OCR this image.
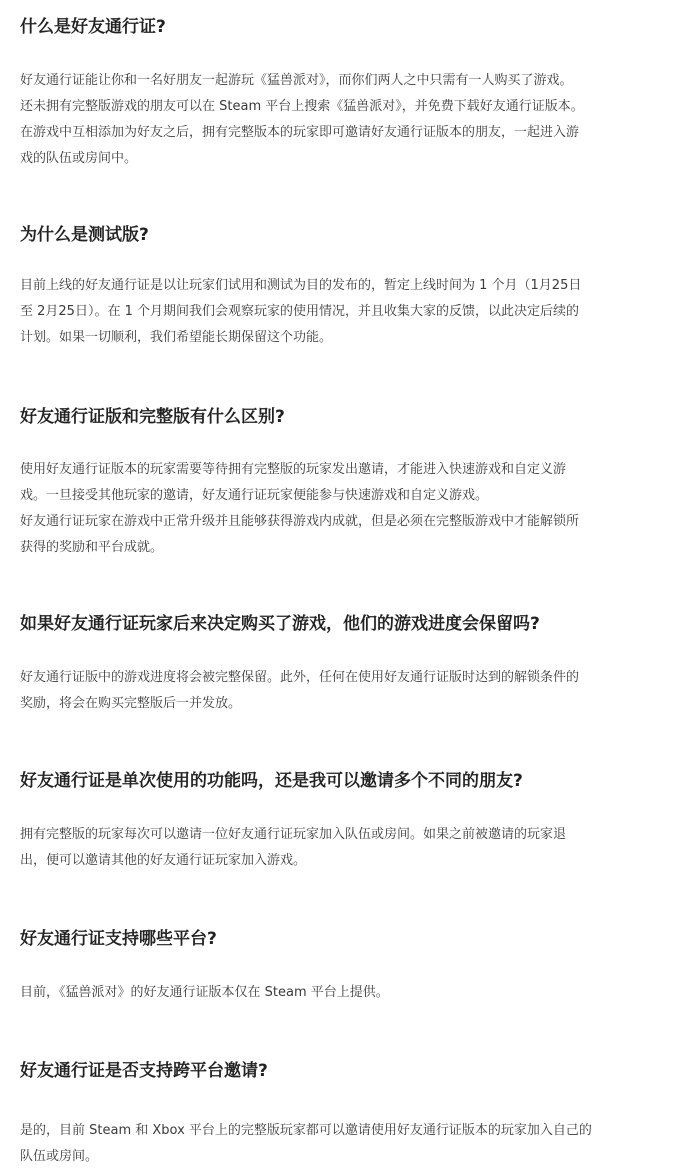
什么是好友通行证?

好友通行证能让你和一名好朋友一起游玩《猛兽派对》，而你们两人之中只需有一人购买了游戏。
还未拥有完整版游戏的朋友可以在 Steam 平台上搜索《猛兽派对》，并免费下载好友通行证版本。
在游戏中互相添加为好友之后，拥有完整版本的玩家即可邀请好友通行证版本的朋友，一起进入游
戏的队伍或房间中。

为什么是测试版?

目前上线的好友通行证是以让玩家们试用和测试为目的发布的，暂定上线时间为 1 个月（1月25日
至 2月25日）。在 1 个月期间我们会观察玩家的使用情况，并且收集大家的反馈，以此决定后续的
计划。如果一切顺利，我们希望能长期保留这个功能。

好友通行证版和完整版有什么区别?

使用好友通行证版本的玩家需要等待拥有完整版的玩家发出邀请，才能进入快速游戏和自定义游
戏。一旦接受其他玩家的邀请，好友通行证玩家便能参与快速游戏和自定义游戏。
好友通行证玩家在游戏中正常升级并且能够获得游戏内成就，但是必须在完整版游戏中才能解锁所
获得的奖励和平台成就。

如果好友通行证玩家后来决定购买了游戏，他们的游戏进度会保留吗?

好友通行证版中的游戏进度将会被完整保留。此外，任何在使用好友通行证版时达到的解锁条件的
奖励，将会在购买完整版后一并发放。

好友通行证是单次使用的功能吗，还是我可以邀请多个不同的朋友?

拥有完整版的玩家每次可以邀请一位好友通行证玩家加入队伍或房间。如果之前被邀请的玩家退
出，便可以邀请其他的好友通行证玩家加入游戏。

好友通行证支持哪些平台?

目前，《猛兽派对》的好友通行证版本仅在 Steam 平台上提供。

好友通行证是否支持跨平台邀请?

是的，目前 Steam 和 Xbox 平台上的完整版玩家都可以邀请使用好友通行证版本的玩家加入自己的
队伍或房间。
